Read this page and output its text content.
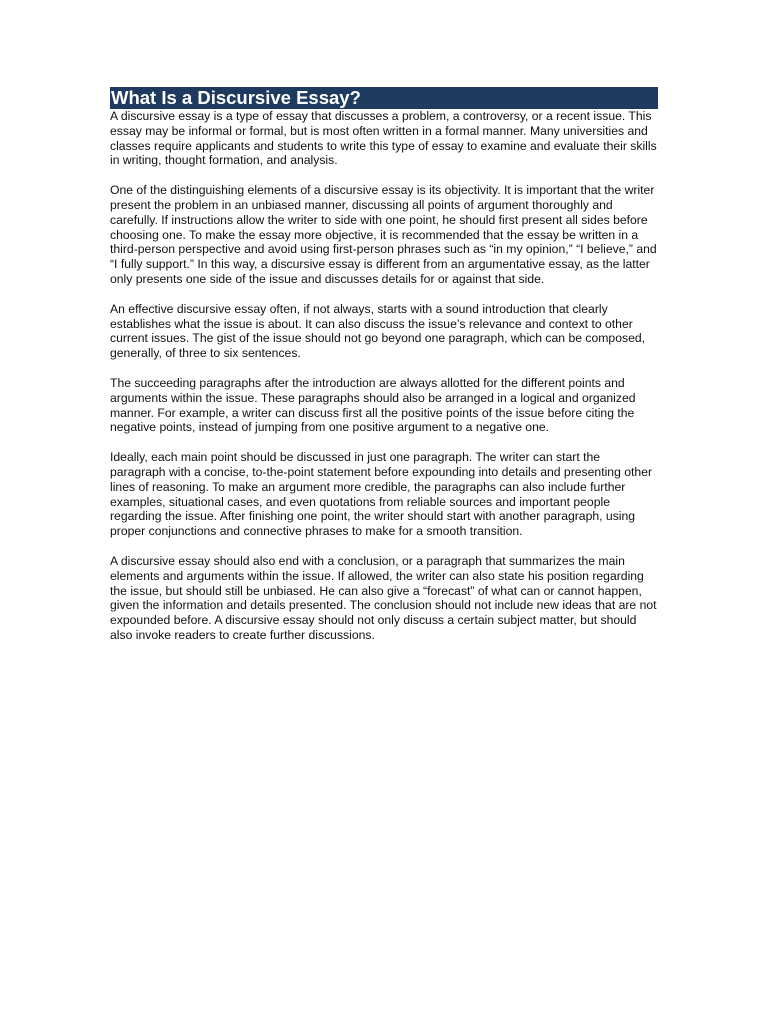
What Is a Discursive Essay?

A discursive essay is a type of essay that discusses a problem, a controversy, or a recent issue. This essay may be informal or formal, but is most often written in a formal manner. Many universities and classes require applicants and students to write this type of essay to examine and evaluate their skills in writing, thought formation, and analysis.

One of the distinguishing elements of a discursive essay is its objectivity. It is important that the writer present the problem in an unbiased manner, discussing all points of argument thoroughly and carefully. If instructions allow the writer to side with one point, he should first present all sides before choosing one. To make the essay more objective, it is recommended that the essay be written in a third-person perspective and avoid using first-person phrases such as “in my opinion,” “I believe,” and “I fully support.” In this way, a discursive essay is different from an argumentative essay, as the latter only presents one side of the issue and discusses details for or against that side.

An effective discursive essay often, if not always, starts with a sound introduction that clearly establishes what the issue is about. It can also discuss the issue’s relevance and context to other current issues. The gist of the issue should not go beyond one paragraph, which can be composed, generally, of three to six sentences.

The succeeding paragraphs after the introduction are always allotted for the different points and arguments within the issue. These paragraphs should also be arranged in a logical and organized manner. For example, a writer can discuss first all the positive points of the issue before citing the negative points, instead of jumping from one positive argument to a negative one.

Ideally, each main point should be discussed in just one paragraph. The writer can start the paragraph with a concise, to-the-point statement before expounding into details and presenting other lines of reasoning. To make an argument more credible, the paragraphs can also include further examples, situational cases, and even quotations from reliable sources and important people regarding the issue. After finishing one point, the writer should start with another paragraph, using proper conjunctions and connective phrases to make for a smooth transition.

A discursive essay should also end with a conclusion, or a paragraph that summarizes the main elements and arguments within the issue. If allowed, the writer can also state his position regarding the issue, but should still be unbiased. He can also give a “forecast” of what can or cannot happen, given the information and details presented. The conclusion should not include new ideas that are not expounded before. A discursive essay should not only discuss a certain subject matter, but should also invoke readers to create further discussions.
